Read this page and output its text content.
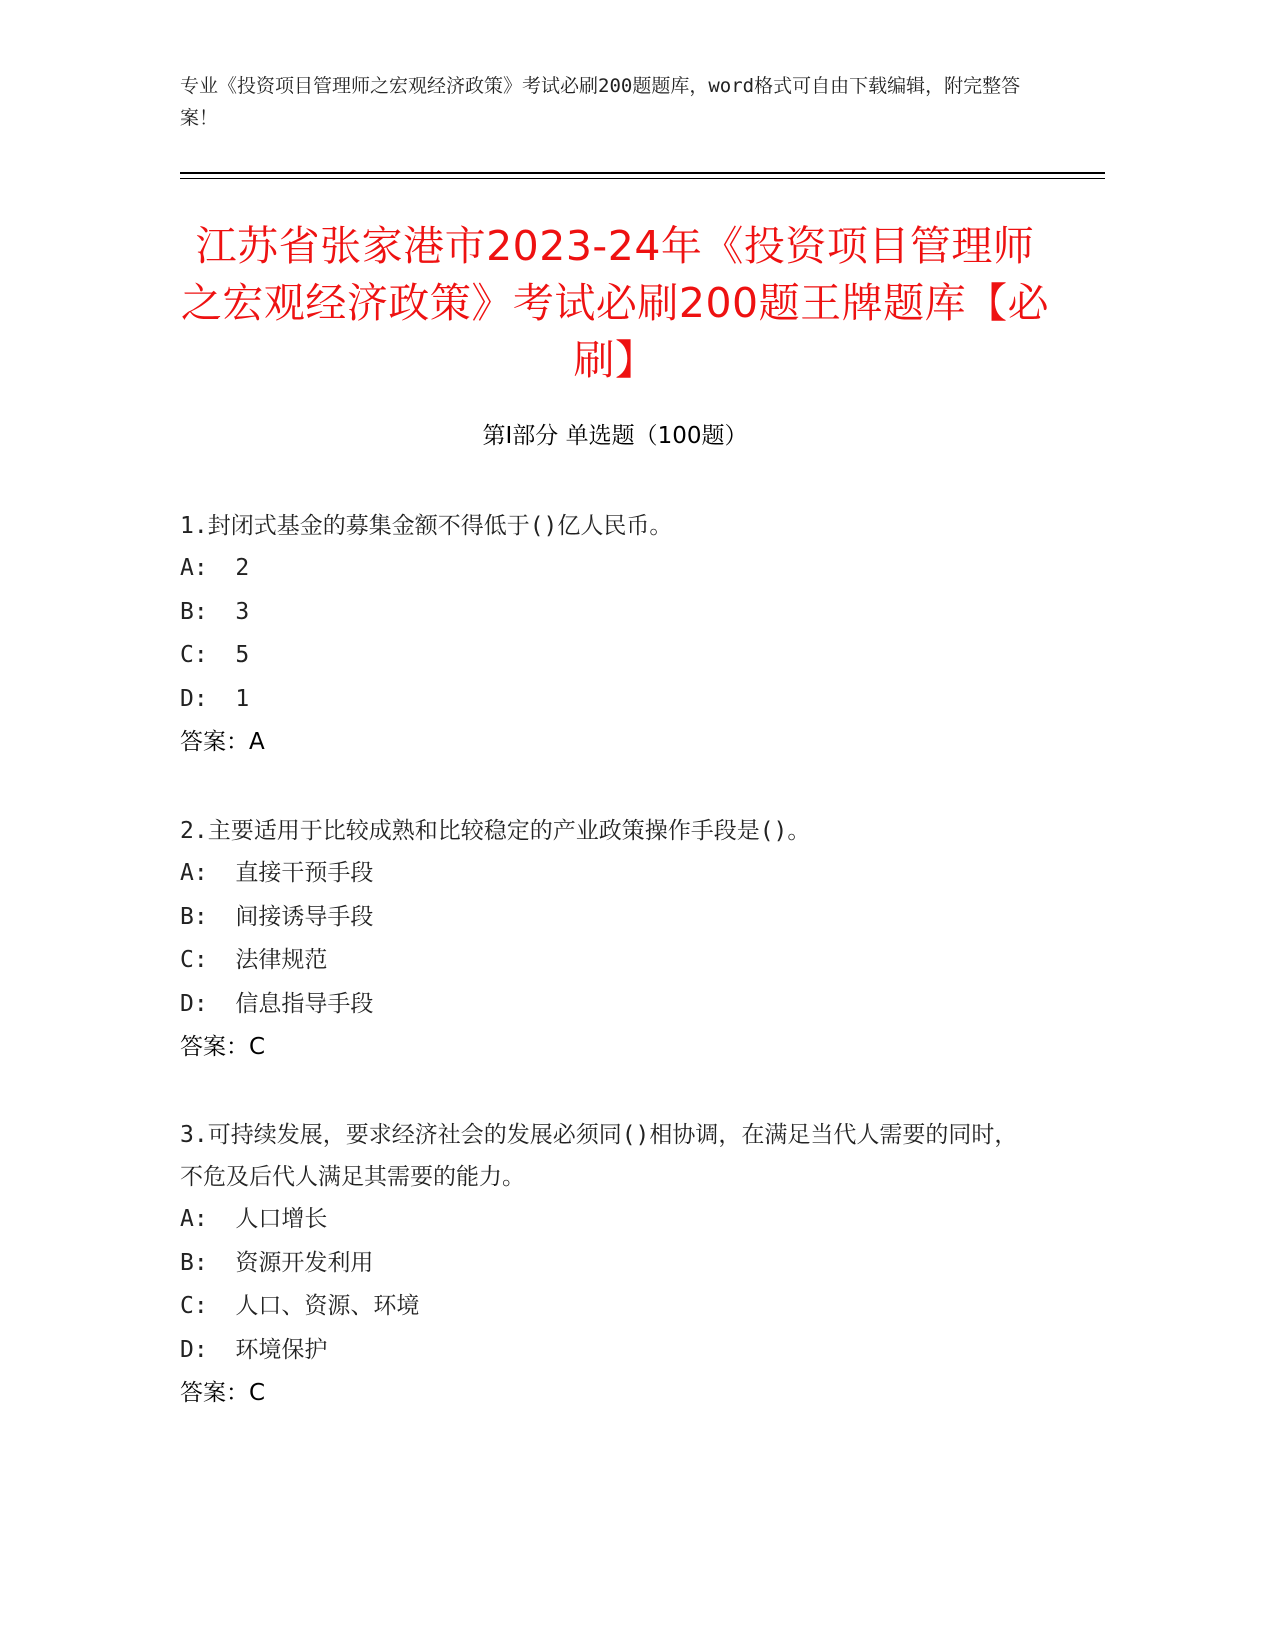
专业《投资项目管理师之宏观经济政策》考试必刷200题题库，word格式可自由下载编辑，附完整答案！
江苏省张家港市2023-24年《投资项目管理师之宏观经济政策》考试必刷200题王牌题库【必刷】
第Ⅰ部分 单选题（100题）
1.封闭式基金的募集金额不得低于()亿人民币。
A:  2
B:  3
C:  5
D:  1
答案：A
2.主要适用于比较成熟和比较稳定的产业政策操作手段是()。
A:  直接干预手段
B:  间接诱导手段
C:  法律规范
D:  信息指导手段
答案：C
3.可持续发展，要求经济社会的发展必须同()相协调，在满足当代人需要的同时，不危及后代人满足其需要的能力。
A:  人口增长
B:  资源开发利用
C:  人口、资源、环境
D:  环境保护
答案：C
